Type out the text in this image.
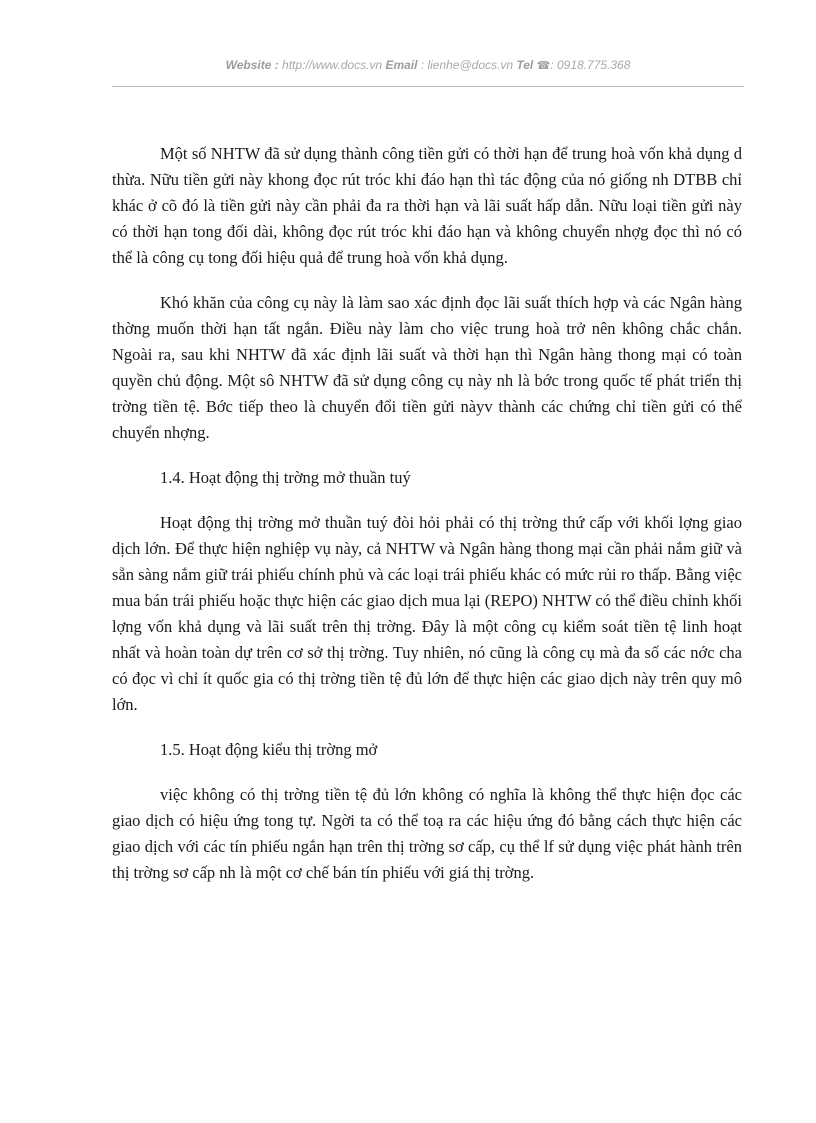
Website : http://www.docs.vn Email : lienhe@docs.vn Tel ☎: 0918.775.368

Một số NHTW đã sử dụng thành công tiền gửi có thời hạn để trung hoà vốn khả dụng d thừa. Nữu tiền gửi này khong đọc rút tróc khi đáo hạn thì tác động của nó giống nh DTBB chỉ khác ở cõ đó là tiền gửi này cần phải đa ra thời hạn và lãi suất hấp dẫn. Nữu loại tiền gửi này có thời hạn tong đối dài, không đọc rút tróc khi đáo hạn và không chuyển nhợg đọc thì nó có thể là công cụ tong đối hiệu quả để trung hoà vốn khả dụng.

Khó khăn của công cụ này là làm sao xác định đọc lãi suất thích hợp và các Ngân hàng thờng muốn thời hạn tất ngắn. Điều này làm cho việc trung hoà trở nên không chắc chắn. Ngoài ra, sau khi NHTW đã xác định lãi suất và thời hạn thì Ngân hàng thong mại có toàn quyền chủ động. Một sô NHTW đã sử dụng công cụ này nh là bớc trong quốc tế phát triển thị trờng tiền tệ. Bớc tiếp theo là chuyển đổi tiền gửi nàyv thành các chứng chỉ tiền gửi có thể chuyển nhợng.

1.4. Hoạt động thị trờng mở thuần tuý

Hoạt động thị trờng mở thuần tuý đòi hỏi phải có thị trờng thứ cấp với khối lợng giao dịch lớn. Để thực hiện nghiệp vụ này, cả NHTW và Ngân hàng thong mại cần phải nắm giữ và sẵn sàng nắm giữ trái phiếu chính phủ và các loại trái phiếu khác có mức rủi ro thấp. Bằng việc mua bán trái phiếu hoặc thực hiện các giao dịch mua lại (REPO) NHTW có thể điều chỉnh khối lợng vốn khả dụng và lãi suất trên thị trờng. Đây là một công cụ kiểm soát tiền tệ linh hoạt nhất và hoàn toàn dự trên cơ sở thị trờng. Tuy nhiên, nó cũng là công cụ mà đa số các nớc cha có đọc vì chỉ ít quốc gia có thị trờng tiền tệ đủ lớn để thực hiện các giao dịch này trên quy mô lớn.

1.5. Hoạt động kiểu thị trờng mở

việc không có thị trờng tiền tệ đủ lớn không có nghĩa là không thể thực hiện đọc các giao dịch có hiệu ứng tong tự. Ngời ta có thể toạ ra các hiệu ứng đó bằng cách thực hiện các giao dịch với các tín phiếu ngắn hạn trên thị trờng sơ cấp, cụ thể lf sử dụng việc phát hành trên thị trờng sơ cấp nh là một cơ chế bán tín phiếu với giá thị trờng.
